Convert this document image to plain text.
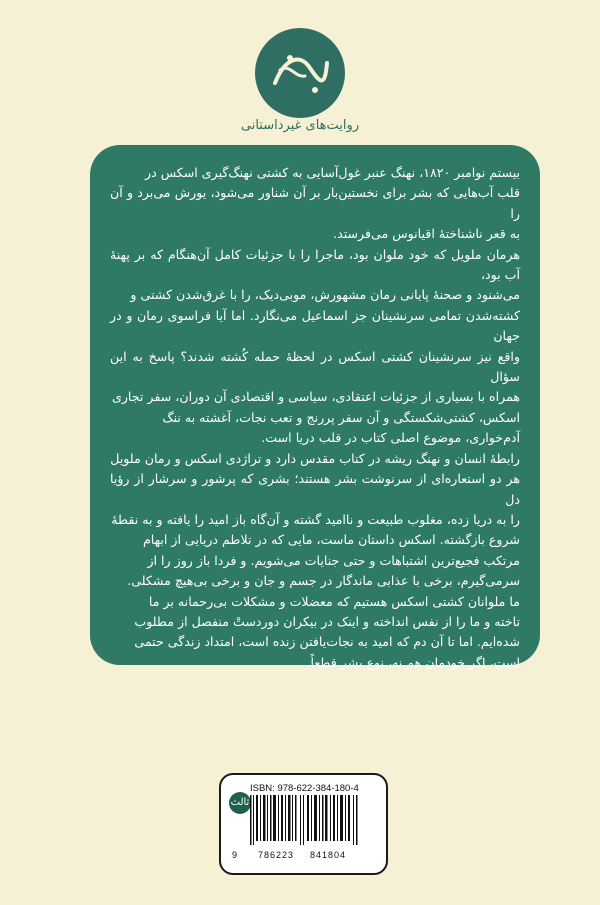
روایت‌های غیرداستانی

بیستم نوامبر ۱۸۲۰، نهنگ عنبر غول‌آسایی به کشتی نهنگ‌گیری اسکس در

قلب آب‌هایی که بشر برای نخستین‌بار بر آن شناور می‌شود، یورش می‌برد و آن را

به قعر ناشناختهٔ اقیانوس می‌فرستد.

هرمان ملویل که خود ملوان بود، ماجرا را با جزئیات کامل آن‌هنگام که بر پهنهٔ آب بود،

می‌شنود و صحنهٔ پایانی رمان مشهورش، موبی‌دیک، را با غرق‌شدن کشتی و

کشته‌شدن تمامی سرنشینان جز اسماعیل می‌نگارد. اما آیا فراسوی رمان و در جهان

واقع نیز سرنشینان کشتی اسکس در لحظهٔ حمله کُشته شدند؟ پاسخ به این سؤال

همراه با بسیاری از جزئیات اعتقادی، سیاسی و اقتصادی آن دوران، سفر تجاری

اسکس، کشتی‌شکستگی و آن سفر پررنج و تعب نجات، آغشته به ننگ

آدم‌خواری، موضوع اصلی کتاب در قلب دریا است.

رابطهٔ انسان و نهنگ ریشه در کتاب مقدس دارد و تراژدی اسکس و رمان ملویل

هر دو استعاره‌ای از سرنوشت بشر هستند؛ بشری که پرشور و سرشار از رؤیا دل

را به دریا زده، مغلوب طبیعت و ناامید گشته و آن‌گاه باز امید را یافته و به نقطهٔ

شروع بازگشته. اسکس داستان ماست، مایی که در تلاطم دریایی از ابهام

مرتکب فجیع‌ترین اشتباهات و حتی جنایات می‌شویم. و فردا باز روز را از

سرمی‌گیرم، برخی با عذابی ماندگار در جسم و جان و برخی بی‌هیچ مشکلی.

ما ملوانان کشتی اسکس هستیم که معضلات و مشکلات بی‌رحمانه بر ما

تاخته و ما را از نفس انداخته و اینک در بیکران دوردستْ منفصل از مطلوب

شده‌ایم. اما تا آن دم که امید به نجات‌یافتن زنده است، امتداد زندگی حتمی

است، اگر خودمان هم نه، نوع بشر قطعاً.

ثالث
ISBN: 978-622-384-180-4
9 786223 841804
